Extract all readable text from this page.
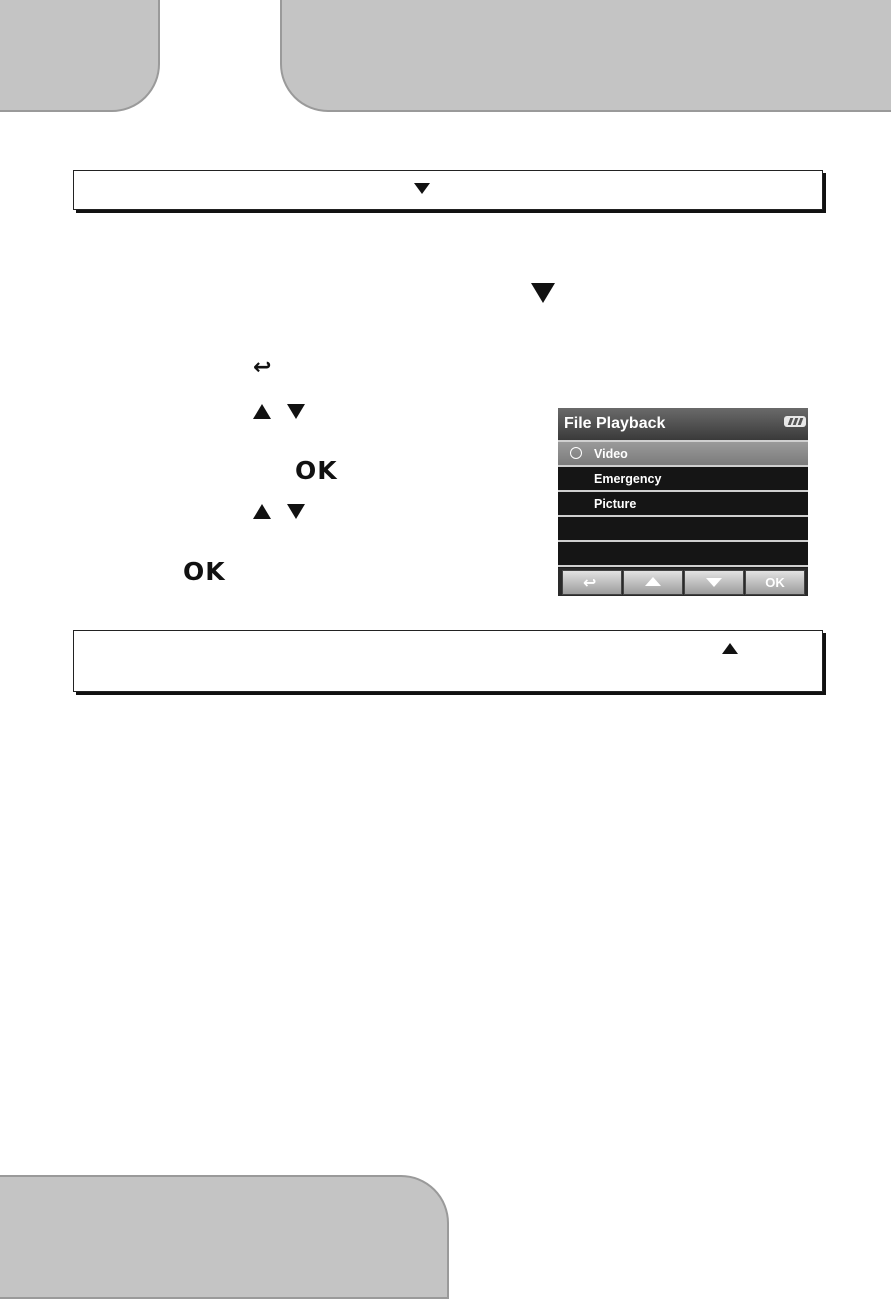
↩
OK
OK
File Playback
Video
Emergency
Picture
↩	OK
